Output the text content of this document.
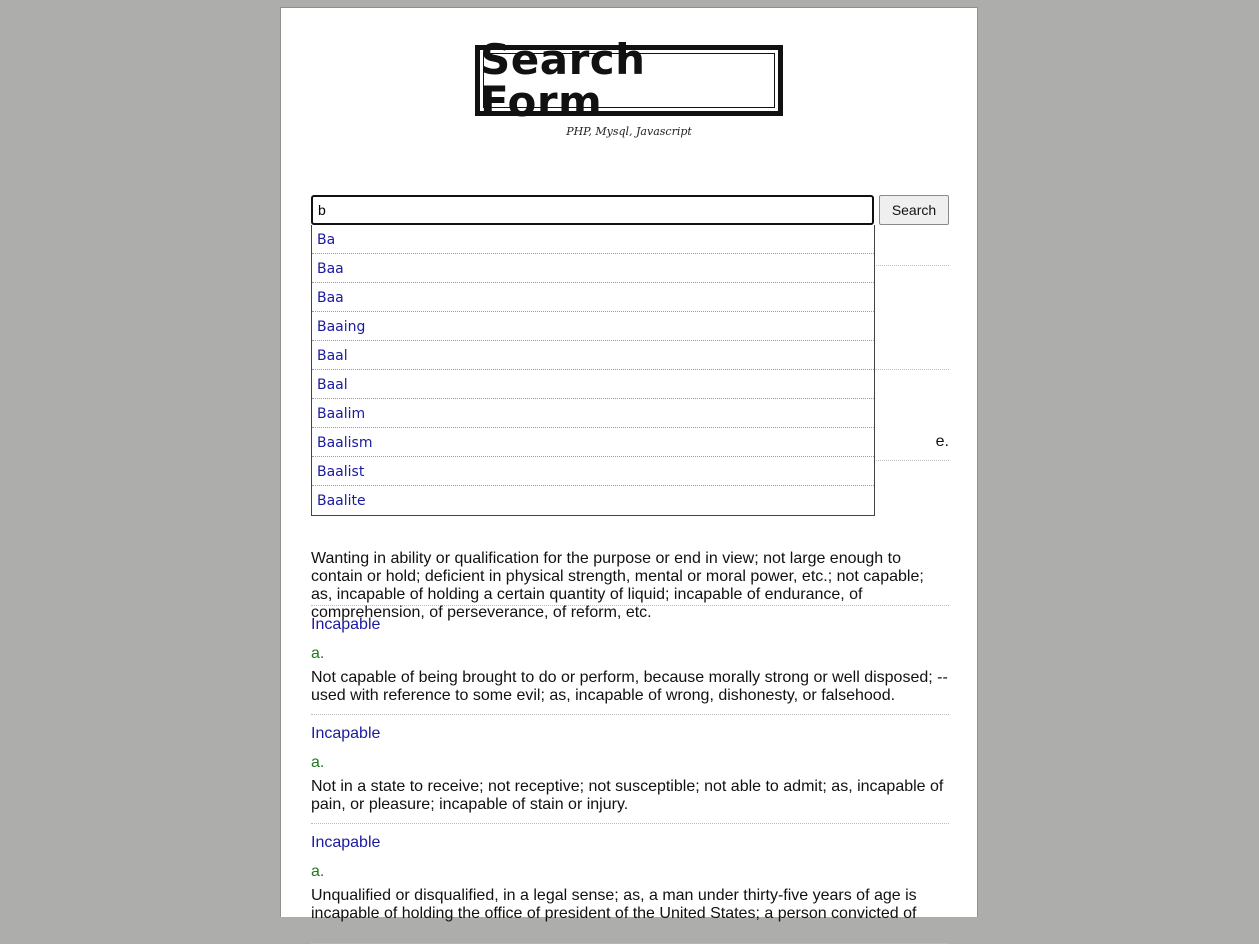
Search Form
PHP, Mysql, Javascript
b
Search
e.
Wanting in ability or qualification for the purpose or end in view; not large enough to contain or hold; deficient in physical strength, mental or moral power, etc.; not capable; as, incapable of holding a certain quantity of liquid; incapable of endurance, of comprehension, of perseverance, of reform, etc.
Incapable
a.
Not capable of being brought to do or perform, because morally strong or well disposed; -- used with reference to some evil; as, incapable of wrong, dishonesty, or falsehood.
Incapable
a.
Not in a state to receive; not receptive; not susceptible; not able to admit; as, incapable of pain, or pleasure; incapable of stain or injury.
Incapable
a.
Unqualified or disqualified, in a legal sense; as, a man under thirty-five years of age is incapable of holding the office of president of the United States; a person convicted of
Ba
Baa
Baa
Baaing
Baal
Baal
Baalim
Baalism
Baalist
Baalite
